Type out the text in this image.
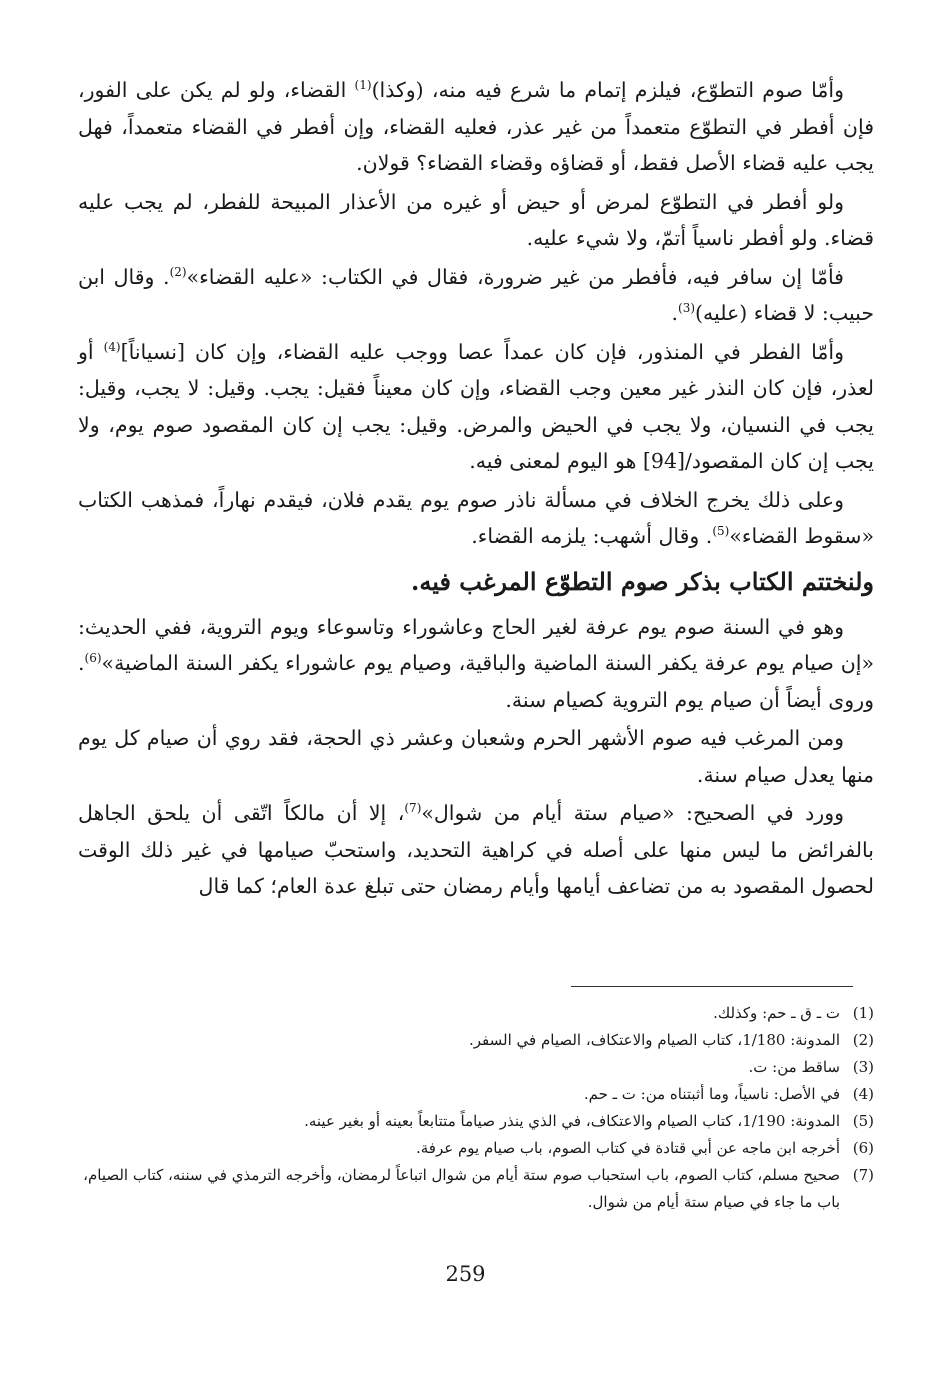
وأمّا صوم التطوّع، فيلزم إتمام ما شرع فيه منه، (وكذا)$^{(1)}$ القضاء، ولو لم يكن على الفور، فإن أفطر في التطوّع متعمداً من غير عذر، فعليه القضاء، وإن أفطر في القضاء متعمداً، فهل يجب عليه قضاء الأصل فقط، أو قضاؤه وقضاء القضاء؟ قولان.

ولو أفطر في التطوّع لمرض أو حيض أو غيره من الأعذار المبيحة للفطر، لم يجب عليه قضاء. ولو أفطر ناسياً أتمّ، ولا شيء عليه.

فأمّا إن سافر فيه، فأفطر من غير ضرورة، فقال في الكتاب: «عليه القضاء»$^{(2)}$. وقال ابن حبيب: لا قضاء (عليه)$^{(3)}$.

وأمّا الفطر في المنذور، فإن كان عمداً عصا ووجب عليه القضاء، وإن كان [نسياناً]$^{(4)}$ أو لعذر، فإن كان النذر غير معين وجب القضاء، وإن كان معيناً فقيل: يجب. وقيل: لا يجب، وقيل: يجب في النسيان، ولا يجب في الحيض والمرض. وقيل: يجب إن كان المقصود صوم يوم، ولا يجب إن كان المقصود/[94] هو اليوم لمعنى فيه.

وعلى ذلك يخرج الخلاف في مسألة ناذر صوم يوم يقدم فلان، فيقدم نهاراً، فمذهب الكتاب «سقوط القضاء»$^{(5)}$. وقال أشهب: يلزمه القضاء.

ولنختتم الكتاب بذكر صوم التطوّع المرغب فيه.

وهو في السنة صوم يوم عرفة لغير الحاج وعاشوراء وتاسوعاء ويوم التروية، ففي الحديث: «إن صيام يوم عرفة يكفر السنة الماضية والباقية، وصيام يوم عاشوراء يكفر السنة الماضية»$^{(6)}$. وروى أيضاً أن صيام يوم التروية كصيام سنة.

ومن المرغب فيه صوم الأشهر الحرم وشعبان وعشر ذي الحجة، فقد روي أن صيام كل يوم منها يعدل صيام سنة.

وورد في الصحيح: «صيام ستة أيام من شوال»$^{(7)}$، إلا أن مالكاً اتّقى أن يلحق الجاهل بالفرائض ما ليس منها على أصله في كراهية التحديد، واستحبّ صيامها في غير ذلك الوقت لحصول المقصود به من تضاعف أيامها وأيام رمضان حتى تبلغ عدة العام؛ كما قال

(1)
ت ـ ق ـ حم: وكذلك.
(2)
المدونة: 1/180، كتاب الصيام والاعتكاف، الصيام في السفر.
(3)
ساقط من: ت.
(4)
في الأصل: ناسياً، وما أثبتناه من: ت ـ حم.
(5)
المدونة: 1/190، كتاب الصيام والاعتكاف، في الذي ينذر صياماً متتابعاً بعينه أو بغير عينه.
(6)
أخرجه ابن ماجه عن أبي قتادة في كتاب الصوم، باب صيام يوم عرفة.
(7)
صحيح مسلم، كتاب الصوم، باب استحباب صوم ستة أيام من شوال اتباعاً لرمضان، وأخرجه الترمذي في سننه، كتاب الصيام، باب ما جاء في صيام ستة أيام من شوال.
259
